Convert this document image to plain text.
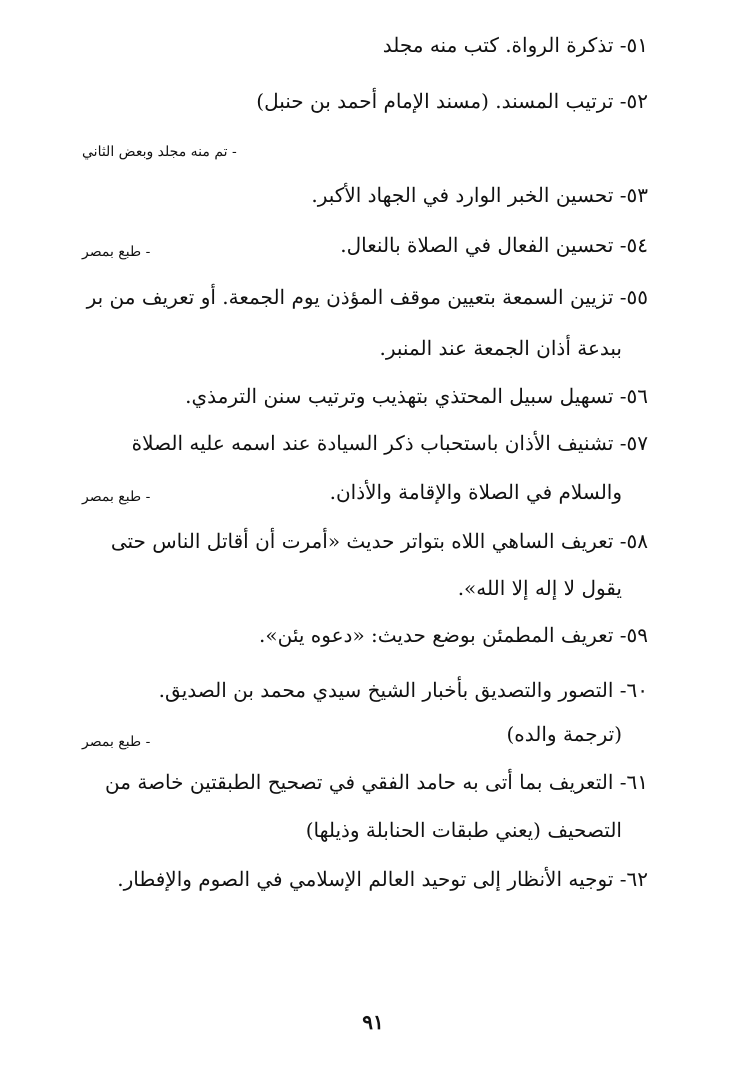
٥١- تذكرة الرواة. كتب منه مجلد
٥٢- ترتيب المسند. (مسند الإمام أحمد بن حنبل)
- تم منه مجلد وبعض الثاني
٥٣- تحسين الخبر الوارد في الجهاد الأكبر.
٥٤- تحسين الفعال في الصلاة بالنعال.
- طبع بمصر
٥٥- تزيين السمعة بتعيين موقف المؤذن يوم الجمعة. أو تعريف من بر
ببدعة أذان الجمعة عند المنبر.
٥٦- تسهيل سبيل المحتذي بتهذيب وترتيب سنن الترمذي.
٥٧- تشنيف الأذان باستحباب ذكر السيادة عند اسمه عليه الصلاة
والسلام في الصلاة والإقامة والأذان.
- طبع بمصر
٥٨- تعريف الساهي اللاه بتواتر حديث «أمرت أن أقاتل الناس حتى
يقول لا إله إلا الله».
٥٩- تعريف المطمئن بوضع حديث: «دعوه يئن».
٦٠- التصور والتصديق بأخبار الشيخ سيدي محمد بن الصديق.
(ترجمة والده)
- طبع بمصر
٦١- التعريف بما أتى به حامد الفقي في تصحيح الطبقتين خاصة من
التصحيف (يعني طبقات الحنابلة وذيلها)
٦٢- توجيه الأنظار إلى توحيد العالم الإسلامي في الصوم والإفطار.
٩١
